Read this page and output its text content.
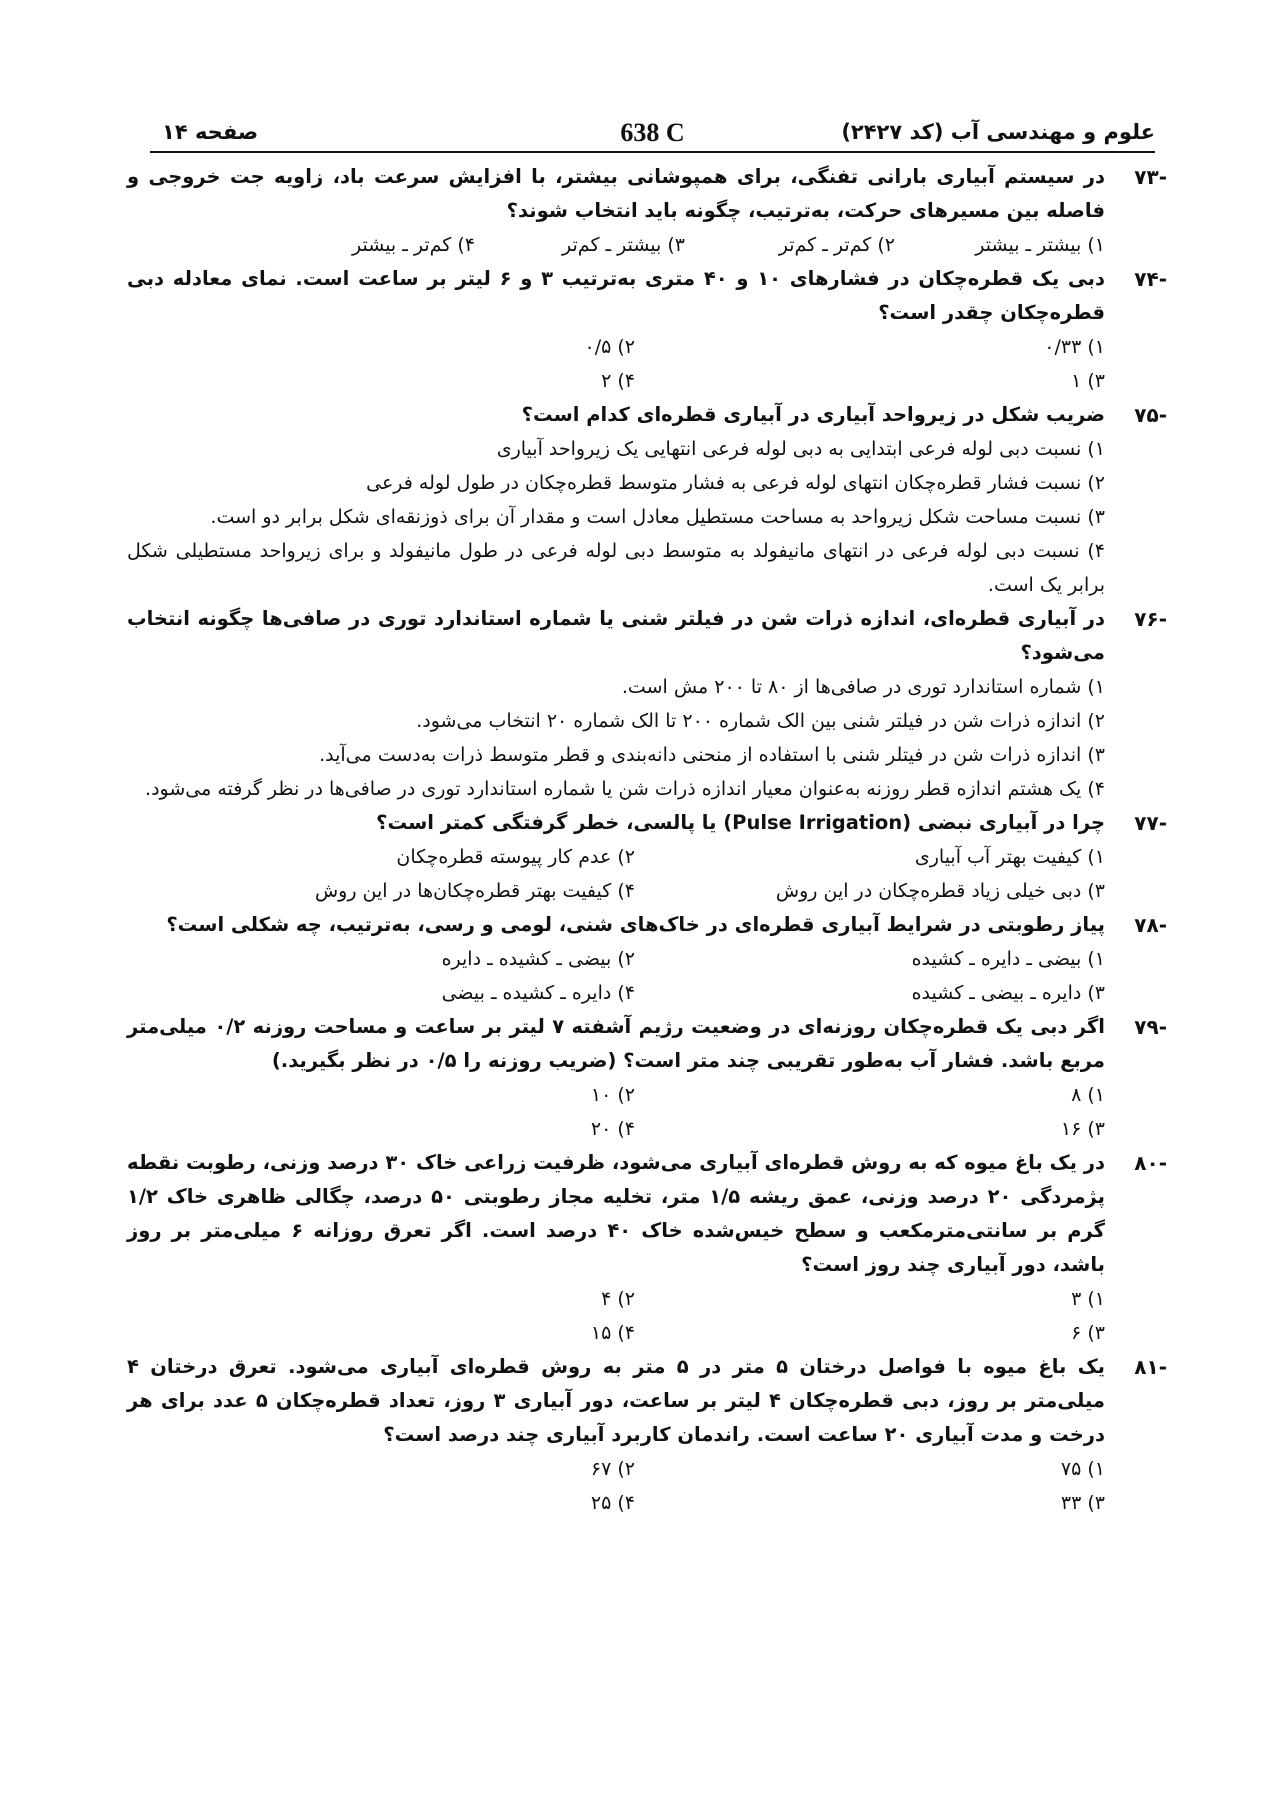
علوم و مهندسی آب (کد ۲۴۲۷)
638 C
صفحه ۱۴
-۷۳
در سیستم آبیاری بارانی تفنگی، برای همپوشانی بیشتر، با افزایش سرعت باد، زاویه جت خروجی و فاصله بین مسیرهای حرکت، به‌ترتیب، چگونه باید انتخاب شوند؟
۱) بیشتر ـ بیشتر
۲) کم‌تر ـ کم‌تر
۳) بیشتر ـ کم‌تر
۴) کم‌تر ـ بیشتر
-۷۴
دبی یک قطره‌چکان در فشارهای ۱۰ و ۴۰ متری به‌ترتیب ۳ و ۶ لیتر بر ساعت است. نمای معادله دبی قطره‌چکان چقدر است؟
۱) ۰/۳۳
۲) ۰/۵
۳) ۱
۴) ۲
-۷۵
ضریب شکل در زیرواحد آبیاری در آبیاری قطره‌ای کدام است؟
۱) نسبت دبی لوله فرعی ابتدایی به دبی لوله فرعی انتهایی یک زیرواحد آبیاری
۲) نسبت فشار قطره‌چکان انتهای لوله فرعی به فشار متوسط قطره‌چکان در طول لوله فرعی
۳) نسبت مساحت شکل زیرواحد به مساحت مستطیل معادل است و مقدار آن برای ذوزنقه‌ای شکل برابر دو است.
۴) نسبت دبی لوله فرعی در انتهای مانیفولد به متوسط دبی لوله فرعی در طول مانیفولد و برای زیرواحد مستطیلی شکل برابر یک است.
-۷۶
در آبیاری قطره‌ای، اندازه ذرات شن در فیلتر شنی یا شماره استاندارد توری در صافی‌ها چگونه انتخاب می‌شود؟
۱) شماره استاندارد توری در صافی‌ها از ۸۰ تا ۲۰۰ مش است.
۲) اندازه ذرات شن در فیلتر شنی بین الک شماره ۲۰۰ تا الک شماره ۲۰ انتخاب می‌شود.
۳) اندازه ذرات شن در فیتلر شنی با استفاده از منحنی دانه‌بندی و قطر متوسط ذرات به‌دست می‌آید.
۴) یک هشتم اندازه قطر روزنه به‌عنوان معیار اندازه ذرات شن یا شماره استاندارد توری در صافی‌ها در نظر گرفته می‌شود.
-۷۷
چرا در آبیاری نبضی (Pulse Irrigation) یا پالسی، خطر گرفتگی کمتر است؟
۱) کیفیت بهتر آب آبیاری
۲) عدم کار پیوسته قطره‌چکان
۳) دبی خیلی زیاد قطره‌چکان در این روش
۴) کیفیت بهتر قطره‌چکان‌ها در این روش
-۷۸
پیاز رطوبتی در شرایط آبیاری قطره‌ای در خاک‌های شنی، لومی و رسی، به‌ترتیب، چه شکلی است؟
۱) بیضی ـ دایره ـ کشیده
۲) بیضی ـ کشیده ـ دایره
۳) دایره ـ بیضی ـ کشیده
۴) دایره ـ کشیده ـ بیضی
-۷۹
اگر دبی یک قطره‌چکان روزنه‌ای در وضعیت رژیم آشفته ۷ لیتر بر ساعت و مساحت روزنه ۰/۲ میلی‌متر مربع باشد. فشار آب به‌طور تقریبی چند متر است؟ (ضریب روزنه را ۰/۵ در نظر بگیرید.)
۱) ۸
۲) ۱۰
۳) ۱۶
۴) ۲۰
-۸۰
در یک باغ میوه که به روش قطره‌ای آبیاری می‌شود، ظرفیت زراعی خاک ۳۰ درصد وزنی، رطوبت نقطه پژمردگی ۲۰ درصد وزنی، عمق ریشه ۱/۵ متر، تخلیه مجاز رطوبتی ۵۰ درصد، چگالی ظاهری خاک ۱/۲ گرم بر سانتی‌مترمکعب و سطح خیس‌شده خاک ۴۰ درصد است. اگر تعرق روزانه ۶ میلی‌متر بر روز باشد، دور آبیاری چند روز است؟
۱) ۳
۲) ۴
۳) ۶
۴) ۱۵
-۸۱
یک باغ میوه با فواصل درختان ۵ متر در ۵ متر به روش قطره‌ای آبیاری می‌شود. تعرق درختان ۴ میلی‌متر بر روز، دبی قطره‌چکان ۴ لیتر بر ساعت، دور آبیاری ۳ روز، تعداد قطره‌چکان ۵ عدد برای هر درخت و مدت آبیاری ۲۰ ساعت است. راندمان کاربرد آبیاری چند درصد است؟
۱) ۷۵
۲) ۶۷
۳) ۳۳
۴) ۲۵
